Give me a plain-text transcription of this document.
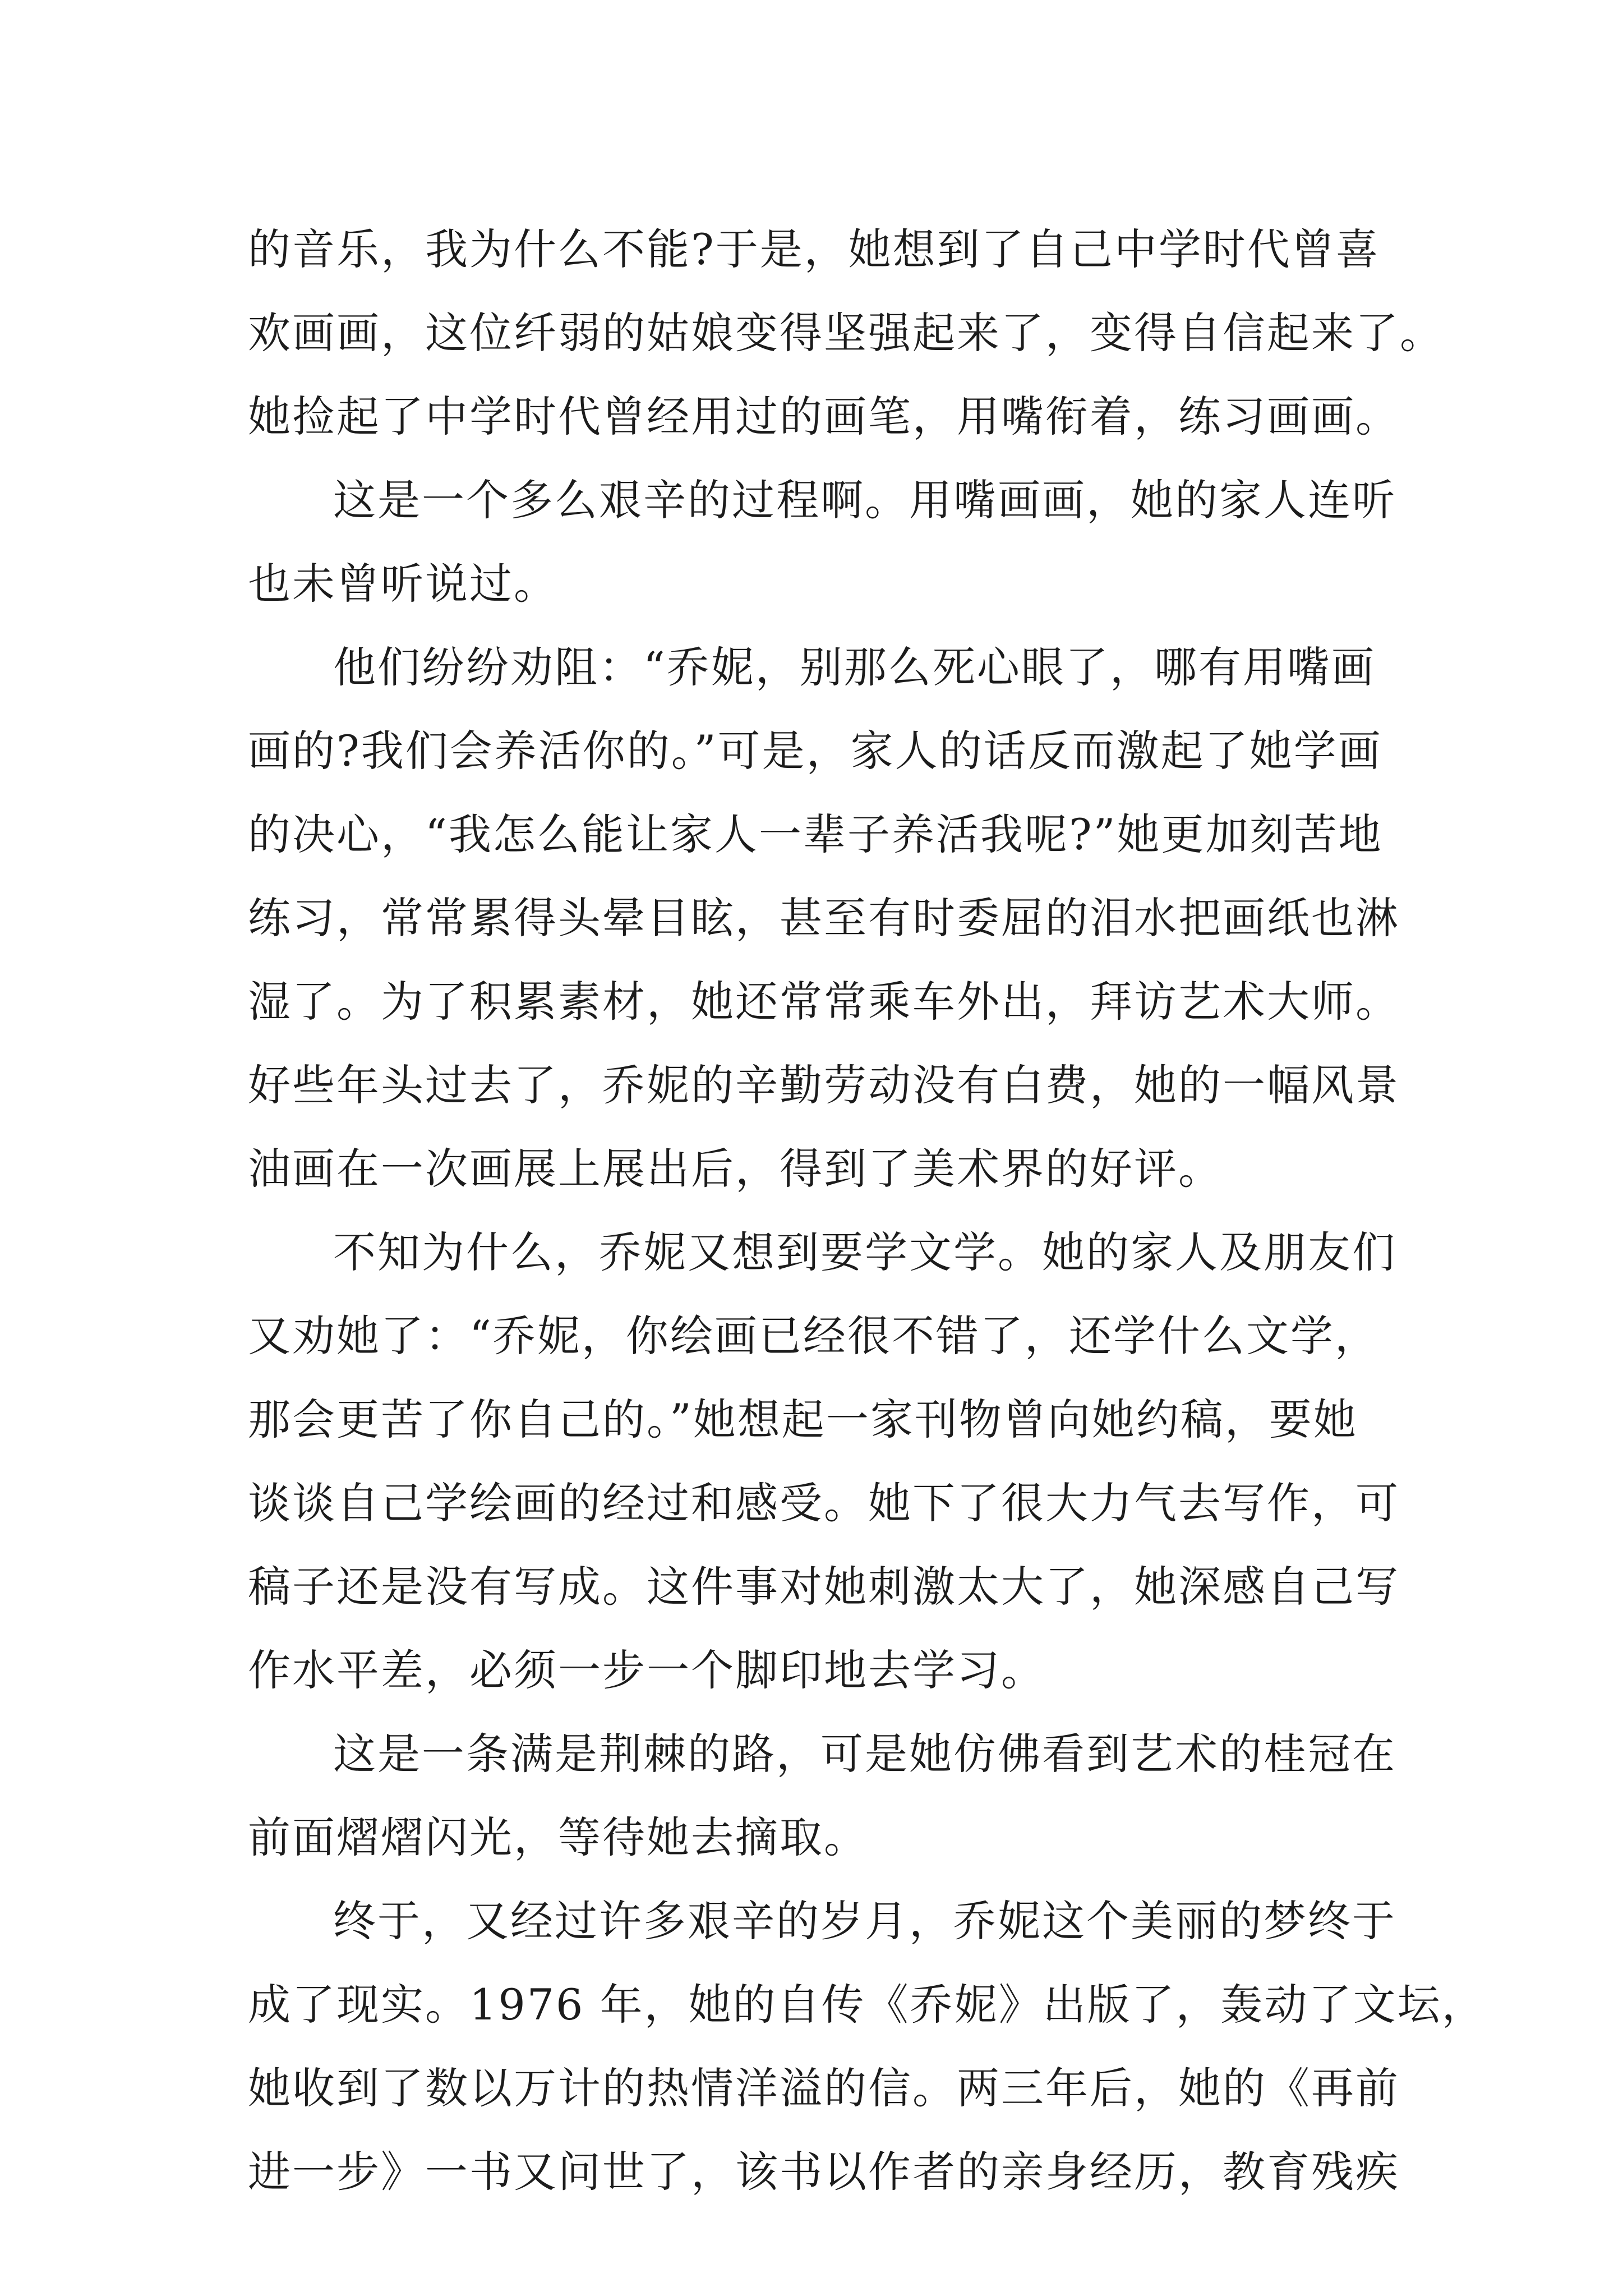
的音乐，我为什么不能?于是，她想到了自己中学时代曾喜
欢画画，这位纤弱的姑娘变得坚强起来了，变得自信起来了。
她捡起了中学时代曾经用过的画笔，用嘴衔着，练习画画。
这是一个多么艰辛的过程啊。用嘴画画，她的家人连听
也未曾听说过。
他们纷纷劝阻：“乔妮，别那么死心眼了，哪有用嘴画
画的?我们会养活你的。”可是，家人的话反而激起了她学画
的决心，“我怎么能让家人一辈子养活我呢?”她更加刻苦地
练习，常常累得头晕目眩，甚至有时委屈的泪水把画纸也淋
湿了。为了积累素材，她还常常乘车外出，拜访艺术大师。
好些年头过去了，乔妮的辛勤劳动没有白费，她的一幅风景
油画在一次画展上展出后，得到了美术界的好评。
不知为什么，乔妮又想到要学文学。她的家人及朋友们
又劝她了：“乔妮，你绘画已经很不错了，还学什么文学，
那会更苦了你自己的。”她想起一家刊物曾向她约稿，要她
谈谈自己学绘画的经过和感受。她下了很大力气去写作，可
稿子还是没有写成。这件事对她刺激太大了，她深感自己写
作水平差，必须一步一个脚印地去学习。
这是一条满是荆棘的路，可是她仿佛看到艺术的桂冠在
前面熠熠闪光，等待她去摘取。
终于，又经过许多艰辛的岁月，乔妮这个美丽的梦终于
成了现实。1976 年，她的自传《乔妮》出版了，轰动了文坛，
她收到了数以万计的热情洋溢的信。两三年后，她的《再前
进一步》一书又问世了，该书以作者的亲身经历，教育残疾
